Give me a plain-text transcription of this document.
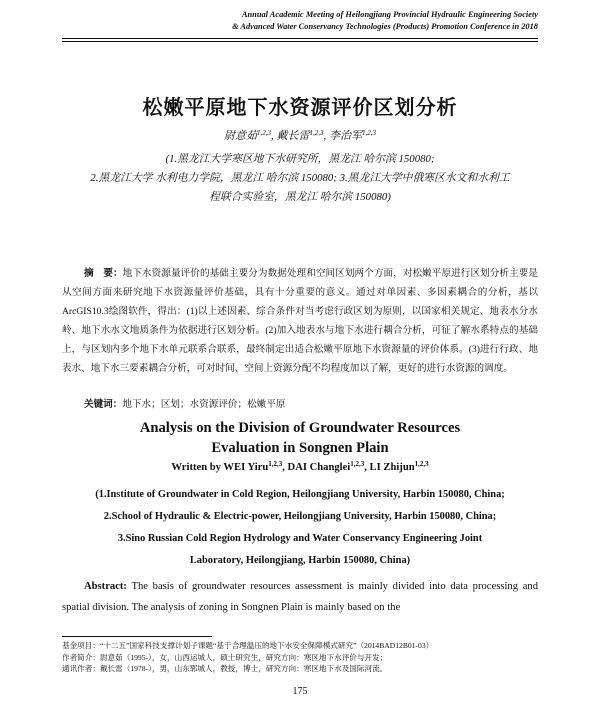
Annual Academic Meeting of Heilongjiang Provincial Hydraulic Engineering Society
& Advanced Water Conservancy Technologies (Products) Promotion Conference in 2018
松嫩平原地下水资源评价区划分析
尉意茹$^{1,2,3}$, 戴长雷$^{1,2,3}$, 李治军$^{1,2,3}$
(1.黑龙江大学寒区地下水研究所，黑龙江 哈尔滨 150080;
2.黑龙江大学 水利电力学院，黑龙江 哈尔滨 150080; 3.黑龙江大学中俄寒区水文和水利工
程联合实验室，黑龙江 哈尔滨 150080)
摘　要：地下水资源量评价的基础主要分为数据处理和空间区划两个方面，对松嫩平原进行区划分析主要是从空间方面来研究地下水资源量评价基础，具有十分重要的意义。通过对单因素、多因素耦合的分析，基以ArcGIS10.3绘图软件，得出：(1)以上述因素、综合条件对当考虑行政区划为原则，以国家相关规定、地表水分水岭、地下水水文地质条件为依据进行区划分析。(2)加入地表水与地下水进行耦合分析，可征了解水系特点的基础上，与区划内多个地下水单元联系合联系，最终制定出适合松嫩平原地下水资源量的评价体系。(3)进行行政、地表水、地下水三要素耦合分析，可对时间、空间上资源分配不均程度加以了解，更好的进行水资源的调度。
关键词：地下水；区划；水资源评价；松嫩平原
Analysis on the Division of Groundwater Resources
Evaluation in Songnen Plain
Written by WEI Yiru$^{1,2,3}$, DAI Changlei$^{1,2,3}$, LI Zhijun$^{1,2,3}$
(1.Institute of Groundwater in Cold Region, Heilongjiang University, Harbin 150080, China;
2.School of Hydraulic & Electric-power, Heilongjiang University, Harbin 150080, China;
3.Sino Russian Cold Region Hydrology and Water Conservancy Engineering Joint
Laboratory, Heilongjiang, Harbin 150080, China)
Abstract: The basis of groundwater resources assessment is mainly divided into data processing and spatial division. The analysis of zoning in Songnen Plain is mainly based on the
基金项目：“十二五”国家科技支撑计划子课题“基于合理温压的地下水安全保障模式研究”（2014BAD12B01-03）
作者简介：尉意茹（1995-），女，山西运城人，硕士研究生，研究方向：寒区地下水评价与开发；
通讯作者：戴长雷（1978-），男，山东郓城人，教授，博士，研究方向：寒区地下水及国际河流。
175
